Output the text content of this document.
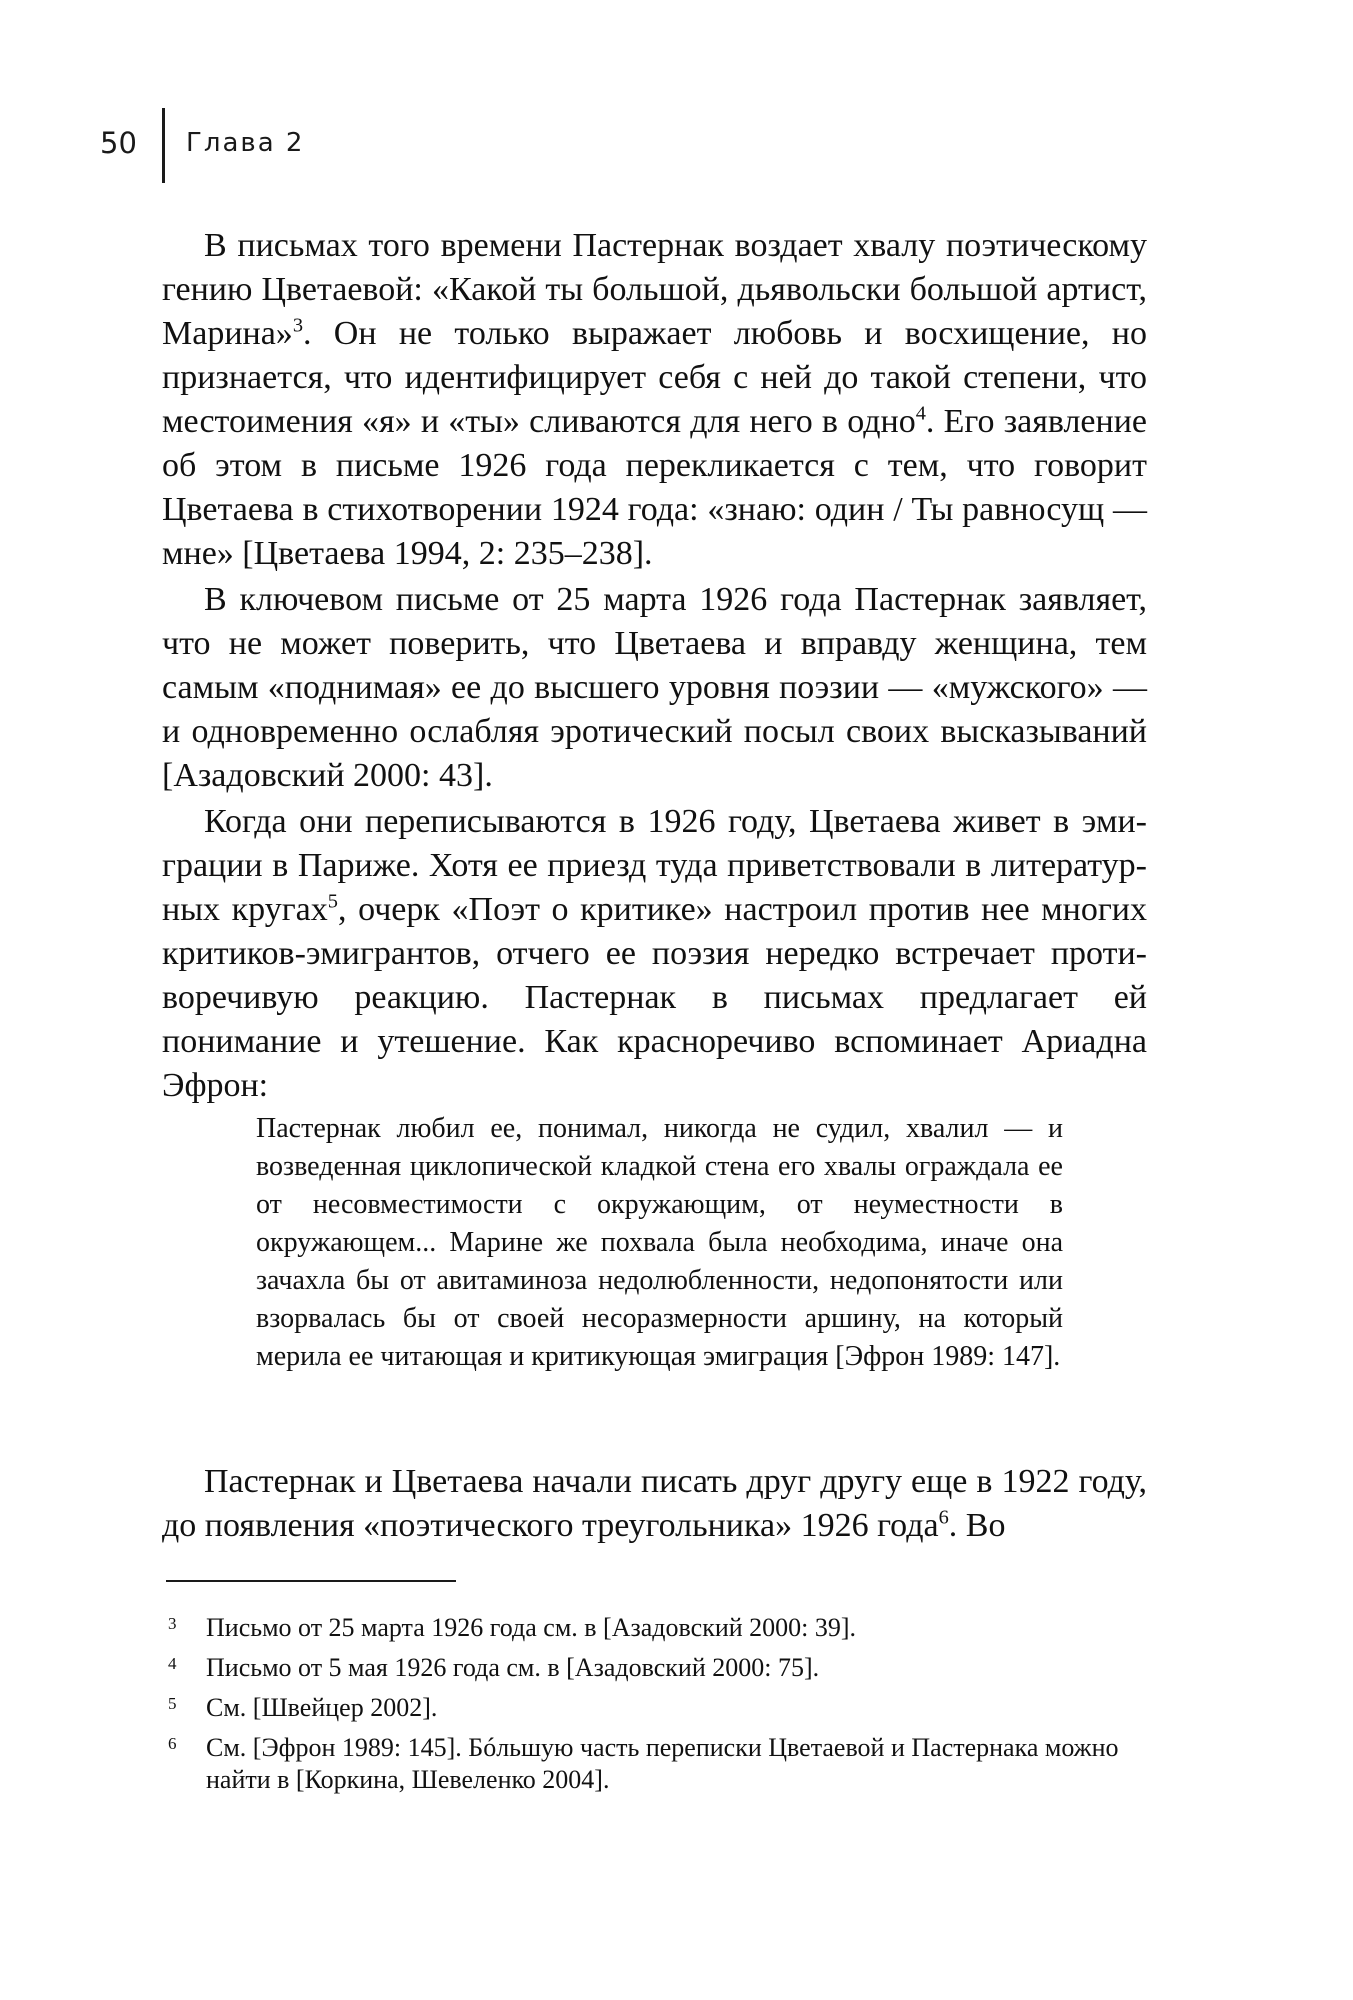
50	Глава 2

В письмах того времени Пастернак воздает хвалу поэтическому гению Цветаевой: «Какой ты большой, дьявольски большой артист, Марина»$^3$. Он не только выражает любовь и восхищение, но признается, что идентифицирует себя с ней до такой степени, что местоимения «я» и «ты» сливаются для него в одно$^4$. Его заявление об этом в письме 1926 года перекликается с тем, что говорит Цветаева в стихотворении 1924 года: «знаю: один / Ты равносущ — мне» [Цветаева 1994, 2: 235–238].

В ключевом письме от 25 марта 1926 года Пастернак заявляет, что не может поверить, что Цветаева и вправду женщина, тем самым «поднимая» ее до высшего уровня поэзии — «мужского» — и одновременно ослабляя эротический посыл своих высказываний [Азадовский 2000: 43].

Когда они переписываются в 1926 году, Цветаева живет в эмиграции в Париже. Хотя ее приезд туда приветствовали в литературных кругах$^5$, очерк «Поэт о критике» настроил против нее многих критиков-эмигрантов, отчего ее поэзия нередко встречает противоречивую реакцию. Пастернак в письмах предлагает ей понимание и утешение. Как красноречиво вспоминает Ариадна Эфрон:

Пастернак любил ее, понимал, никогда не судил, хвалил — и возведенная циклопической кладкой стена его хвалы ограждала ее от несовместимости с окружающим, от неуместности в окружающем... Марине же похвала была необходима, иначе она зачахла бы от авитаминоза недолюбленности, недопонятости или взорвалась бы от своей несоразмерности аршину, на который мерила ее читающая и критикующая эмиграция [Эфрон 1989: 147].

Пастернак и Цветаева начали писать друг другу еще в 1922 году, до появления «поэтического треугольника» 1926 года$^6$. Во

3 Письмо от 25 марта 1926 года см. в [Азадовский 2000: 39].
4 Письмо от 5 мая 1926 года см. в [Азадовский 2000: 75].
5 См. [Швейцер 2002].
6 См. [Эфрон 1989: 145]. Бóльшую часть переписки Цветаевой и Пастернака можно найти в [Коркина, Шевеленко 2004].
